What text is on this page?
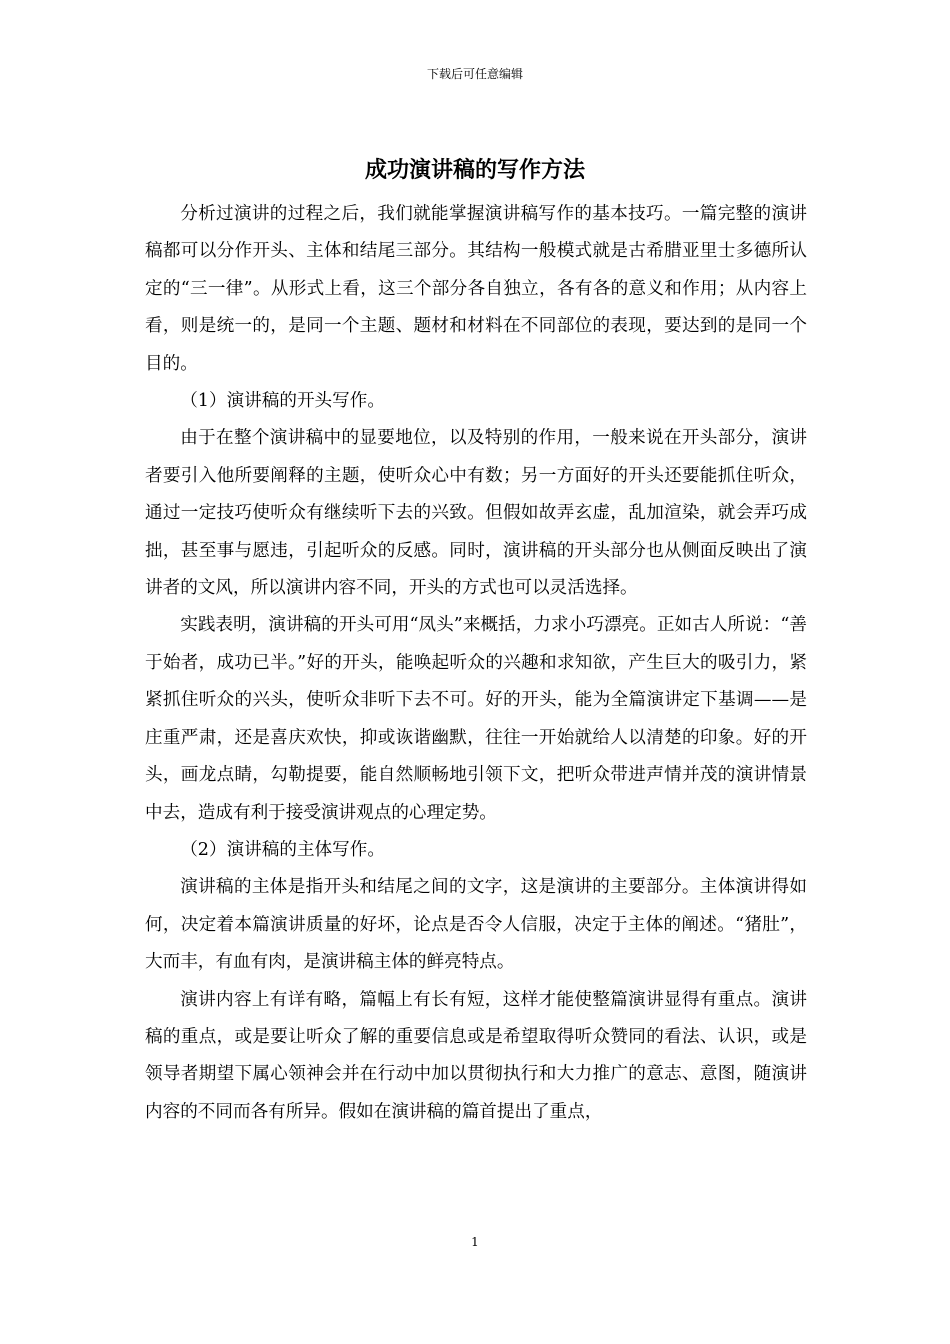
下载后可任意编辑
成功演讲稿的写作方法

分析过演讲的过程之后，我们就能掌握演讲稿写作的基本技巧。一篇完整的演讲稿都可以分作开头、主体和结尾三部分。其结构一般模式就是古希腊亚里士多德所认定的“三一律”。从形式上看，这三个部分各自独立，各有各的意义和作用；从内容上看，则是统一的，是同一个主题、题材和材料在不同部位的表现，要达到的是同一个目的。

（1）演讲稿的开头写作。

由于在整个演讲稿中的显要地位，以及特别的作用，一般来说在开头部分，演讲者要引入他所要阐释的主题，使听众心中有数；另一方面好的开头还要能抓住听众，通过一定技巧使听众有继续听下去的兴致。但假如故弄玄虚，乱加渲染，就会弄巧成拙，甚至事与愿违，引起听众的反感。同时，演讲稿的开头部分也从侧面反映出了演讲者的文风，所以演讲内容不同，开头的方式也可以灵活选择。

实践表明，演讲稿的开头可用“凤头”来概括，力求小巧漂亮。正如古人所说：“善于始者，成功已半。”好的开头，能唤起听众的兴趣和求知欲，产生巨大的吸引力，紧紧抓住听众的兴头，使听众非听下去不可。好的开头，能为全篇演讲定下基调——是庄重严肃，还是喜庆欢快，抑或诙谐幽默，往往一开始就给人以清楚的印象。好的开头，画龙点睛，勾勒提要，能自然顺畅地引领下文，把听众带进声情并茂的演讲情景中去，造成有利于接受演讲观点的心理定势。

（2）演讲稿的主体写作。

演讲稿的主体是指开头和结尾之间的文字，这是演讲的主要部分。主体演讲得如何，决定着本篇演讲质量的好坏，论点是否令人信服，决定于主体的阐述。“猪肚”，大而丰，有血有肉，是演讲稿主体的鲜亮特点。

演讲内容上有详有略，篇幅上有长有短，这样才能使整篇演讲显得有重点。演讲稿的重点，或是要让听众了解的重要信息或是希望取得听众赞同的看法、认识，或是领导者期望下属心领神会并在行动中加以贯彻执行和大力推广的意志、意图，随演讲内容的不同而各有所异。假如在演讲稿的篇首提出了重点，

1
